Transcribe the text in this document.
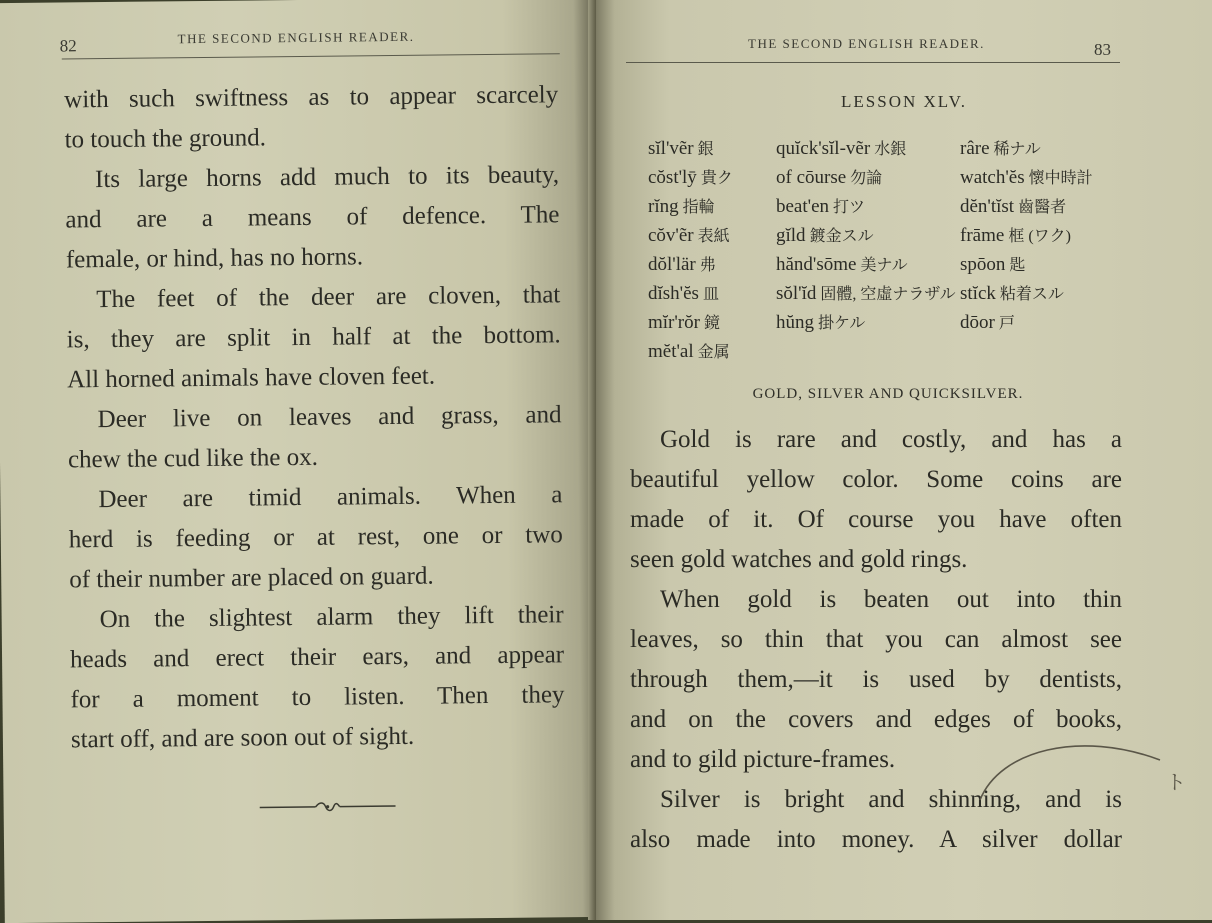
82	THE SECOND ENGLISH READER.
with such swiftness as to appear scarcely
to touch the ground.
Its large horns add much to its beauty,
and are a means of defence. The
female, or hind, has no horns.
The feet of the deer are cloven, that
is, they are split in half at the bottom.
All horned animals have cloven feet.
Deer live on leaves and grass, and
chew the cud like the ox.
Deer are timid animals. When a
herd is feeding or at rest, one or two
of their number are placed on guard.
On the slightest alarm they lift their
heads and erect their ears, and appear
for a moment to listen. Then they
start off, and are soon out of sight.
THE SECOND ENGLISH READER.	83
LESSON XLV.
sĭl'vẽr 銀
cŏst'lȳ 貴ク
rĭng 指輪
cŏv'ẽr 表紙
dŏl'lär 弗
dĭsh'ĕs 皿
mĭr'rŏr 鏡
mĕt'al 金属
quĭck'sĭl-vẽr 水銀
of cōurse 勿論
beat'en 打ツ
gĭld 鍍金スル
hănd'sōme 美ナル
sŏl'ĭd 固體, 空虛ナラザル
hŭng 掛ケル
râre 稀ナル
watch'ĕs 懷中時計
dĕn'tĭst 齒醫者
frāme 框 (ワク)
spōon 匙
stĭck 粘着スル
dōor 戸
GOLD, SILVER AND QUICKSILVER.
Gold is rare and costly, and has a
beautiful yellow color. Some coins are
made of it. Of course you have often
seen gold watches and gold rings.
When gold is beaten out into thin
leaves, so thin that you can almost see
through them,—it is used by dentists,
and on the covers and edges of books,
and to gild picture-frames.
Silver is bright and shinning, and is
also made into money. A silver dollar
ト
